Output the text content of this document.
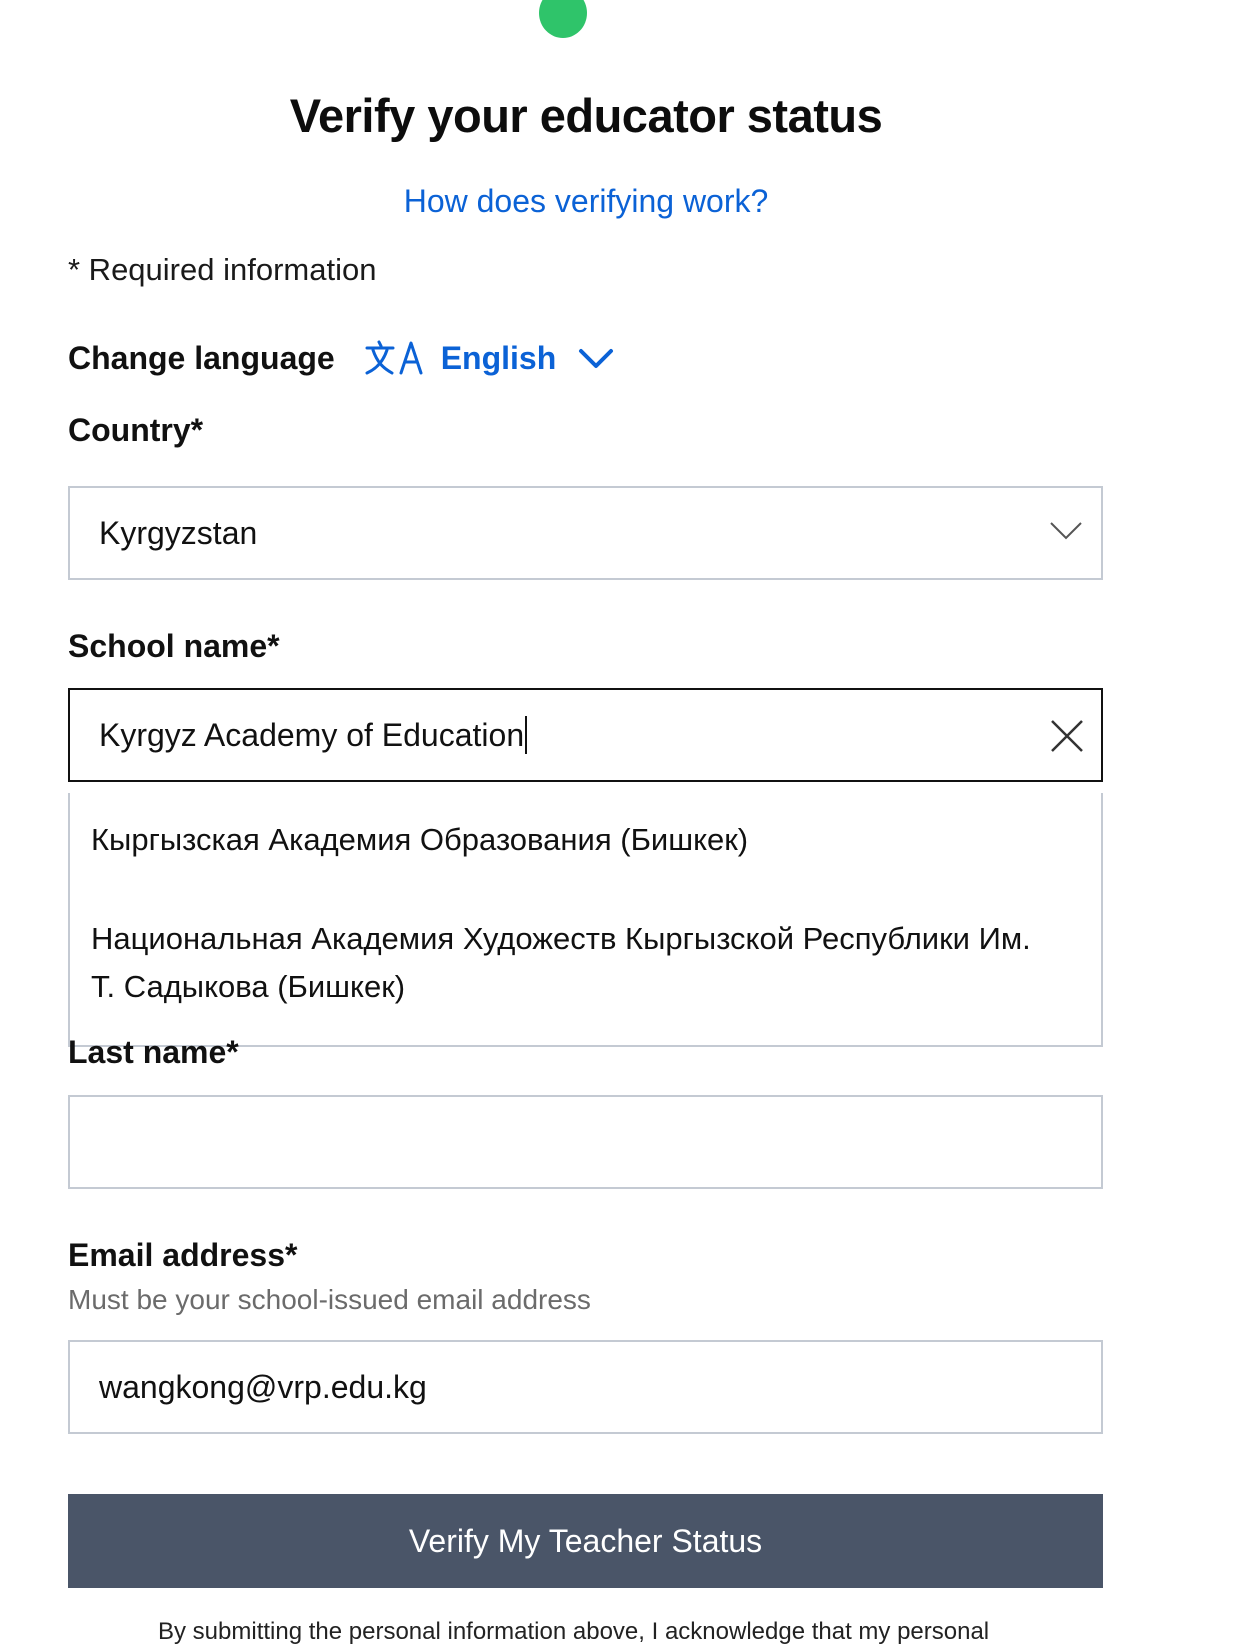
Verify your educator status
How does verifying work?
* Required information
Change language	English
Country*
Kyrgyzstan
School name*
Kyrgyz Academy of Education
Кыргызская Академия Образования (Бишкек)
Национальная Академия Художеств Кыргызской Республики Им. Т. Садыкова (Бишкек)
Last name*
Email address*
Must be your school-issued email address
wangkong@vrp.edu.kg
Verify My Teacher Status
By submitting the personal information above, I acknowledge that my personal
